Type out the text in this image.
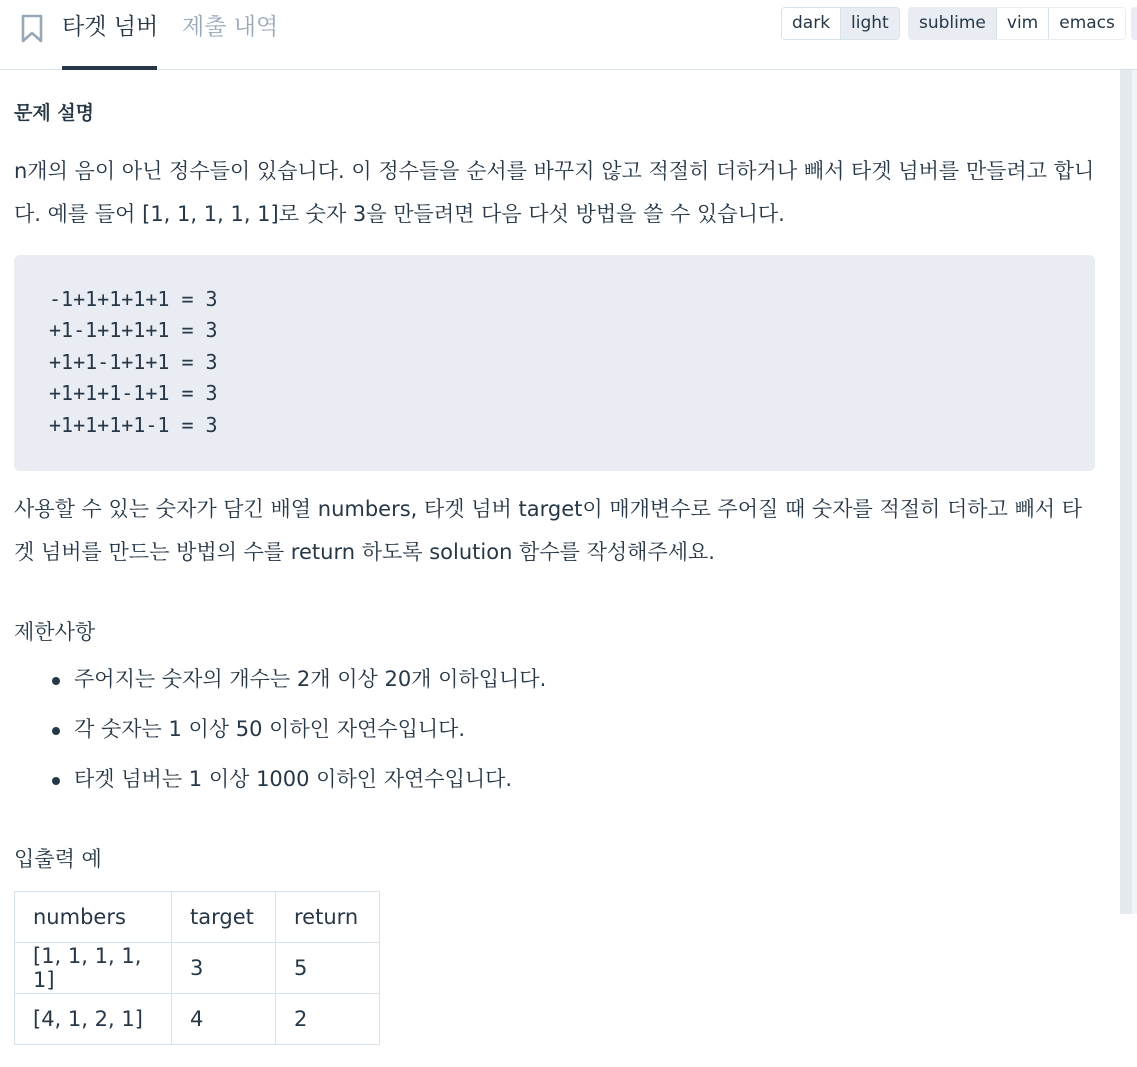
타겟 넘버 제출 내역	dark	light	sublime	vim	emacs
문제 설명
n개의 음이 아닌 정수들이 있습니다. 이 정수들을 순서를 바꾸지 않고 적절히 더하거나 빼서 타겟 넘버를 만들려고 합니다. 예를 들어 [1, 1, 1, 1, 1]로 숫자 3을 만들려면 다음 다섯 방법을 쓸 수 있습니다.
-1+1+1+1+1 = 3
+1-1+1+1+1 = 3
+1+1-1+1+1 = 3
+1+1+1-1+1 = 3
+1+1+1+1-1 = 3
사용할 수 있는 숫자가 담긴 배열 numbers, 타겟 넘버 target이 매개변수로 주어질 때 숫자를 적절히 더하고 빼서 타겟 넘버를 만드는 방법의 수를 return 하도록 solution 함수를 작성해주세요.
제한사항
주어지는 숫자의 개수는 2개 이상 20개 이하입니다.
각 숫자는 1 이상 50 이하인 자연수입니다.
타겟 넘버는 1 이상 1000 이하인 자연수입니다.
입출력 예
numbers	target	return
[1, 1, 1, 1, 1]	3	5
[4, 1, 2, 1]	4	2
